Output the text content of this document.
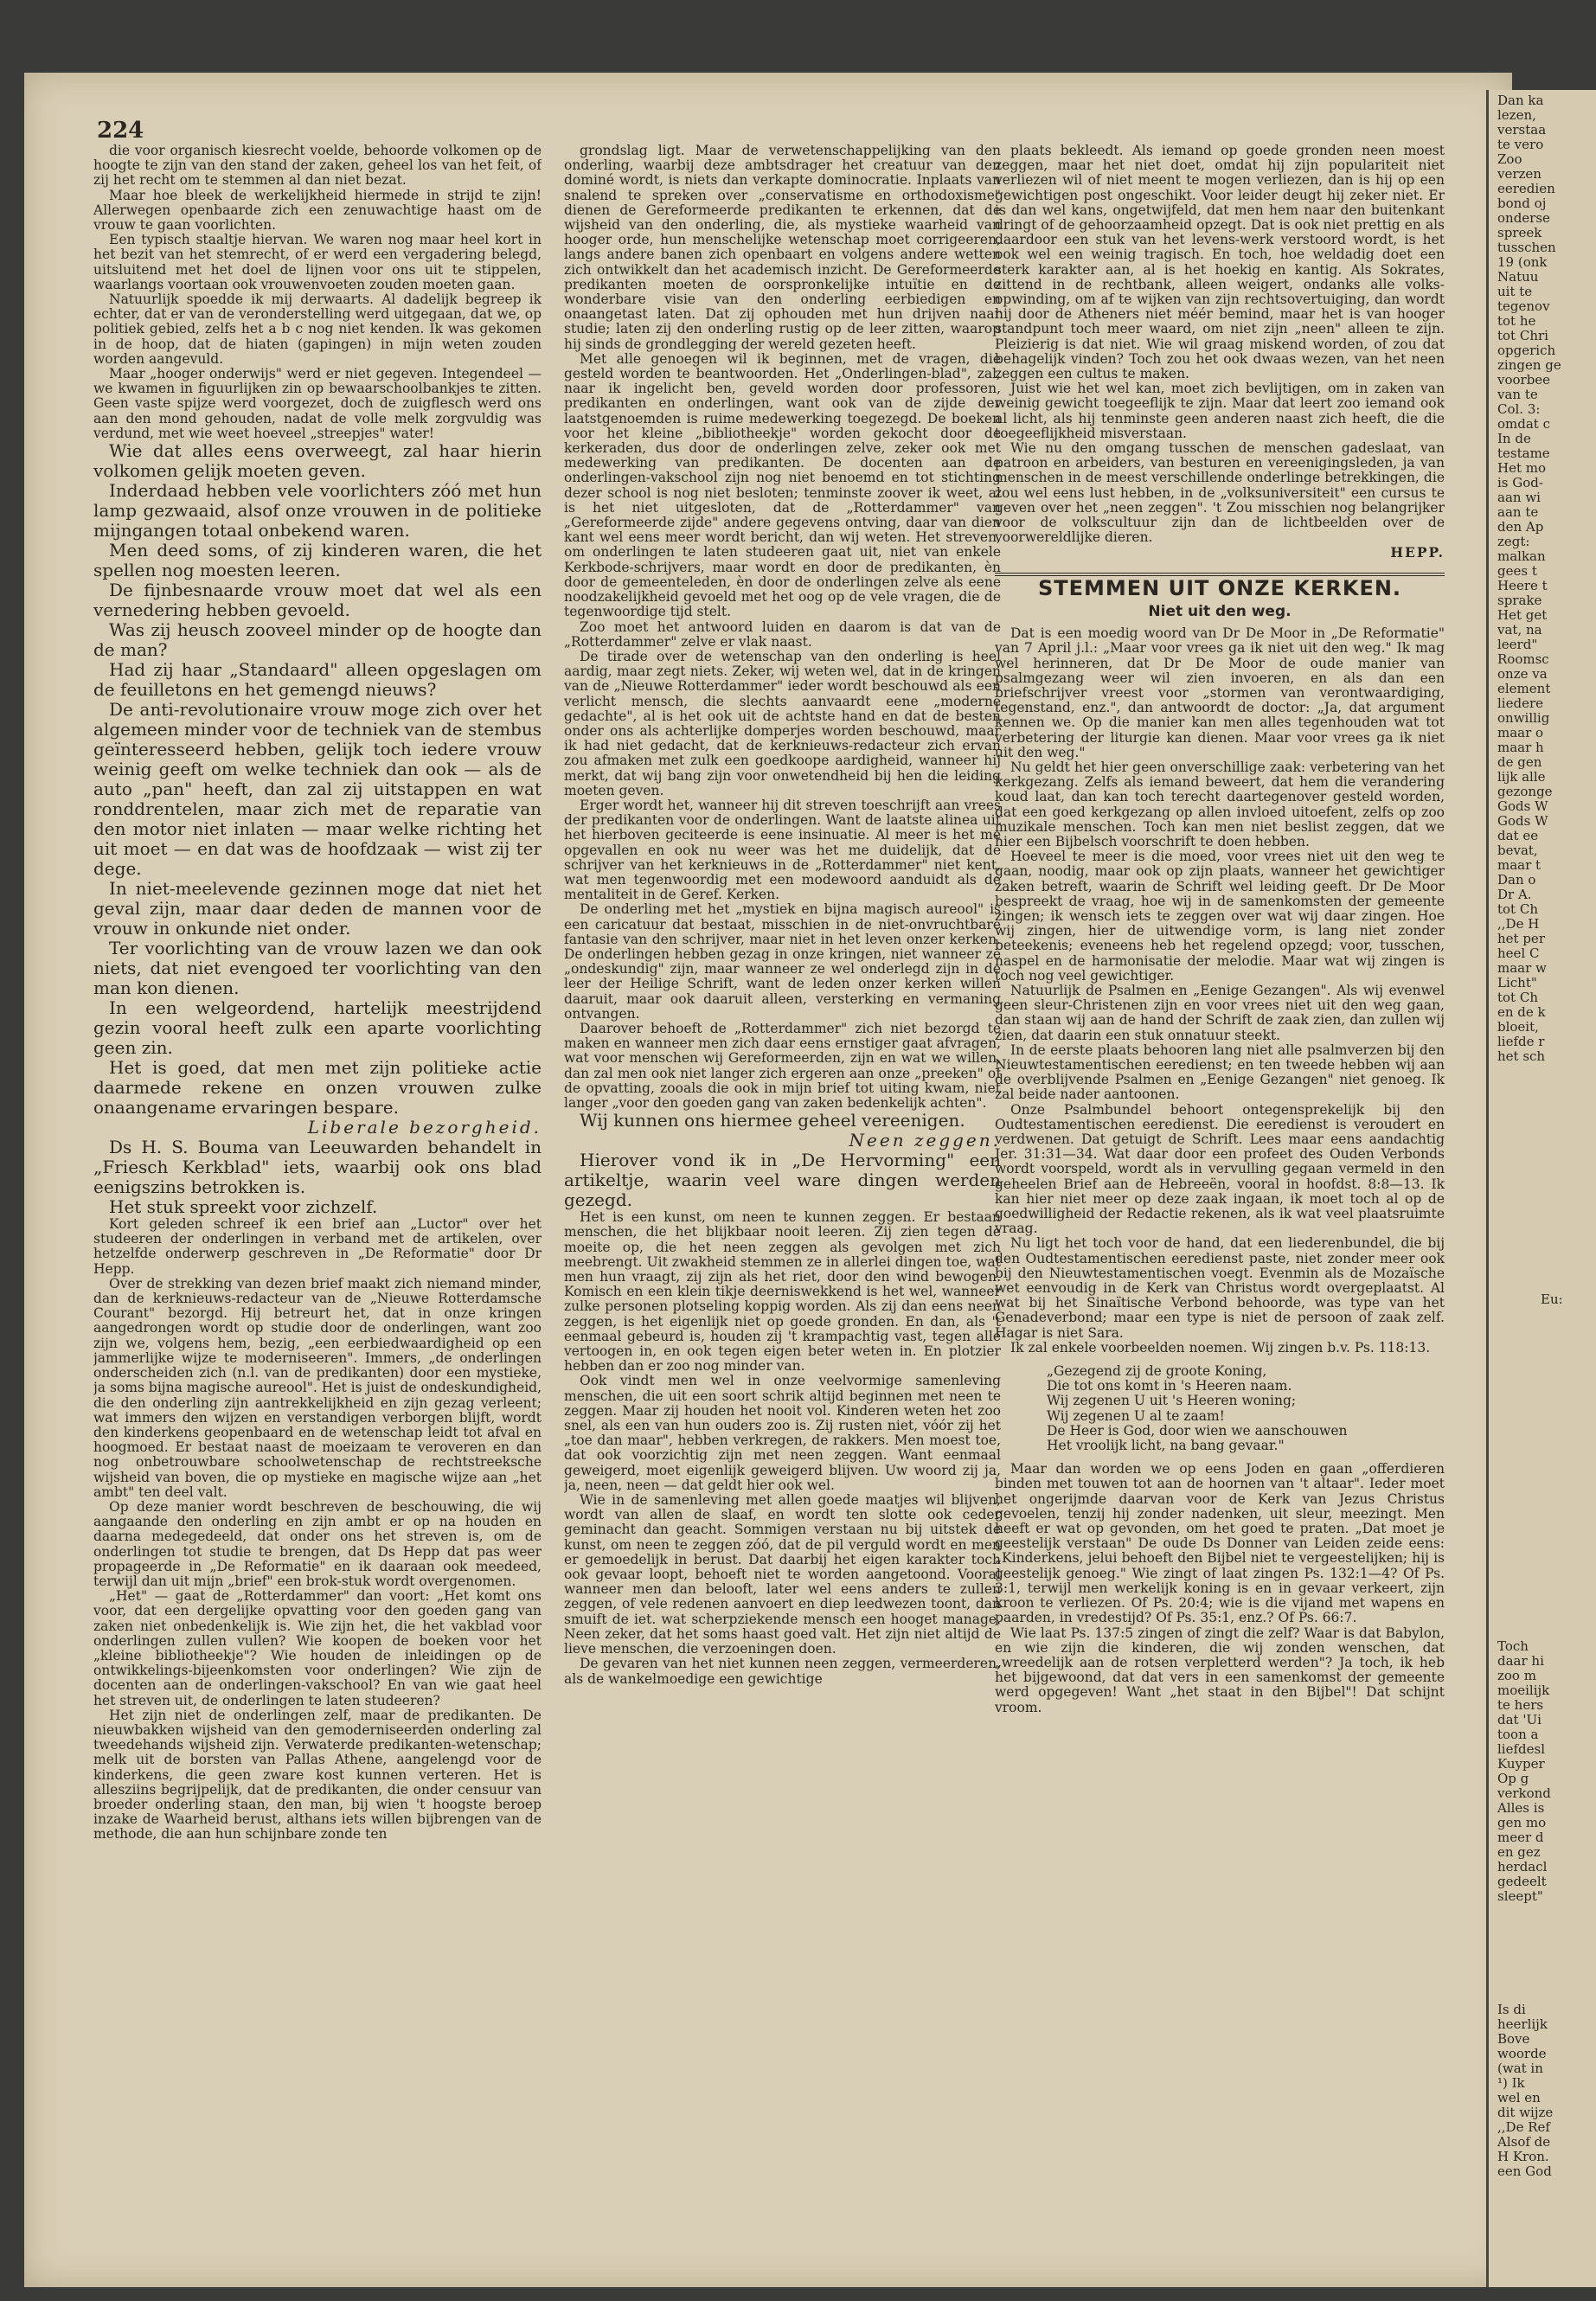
224

die voor organisch kiesrecht voelde, behoorde volkomen op de hoogte te zijn van den stand der zaken, geheel los van het feit, of zij het recht om te stemmen al dan niet bezat.

Maar hoe bleek de werkelijkheid hiermede in strijd te zijn! Allerwegen openbaarde zich een zenuwachtige haast om de vrouw te gaan voorlichten.

Een typisch staaltje hiervan. We waren nog maar heel kort in het bezit van het stemrecht, of er werd een vergadering belegd, uitsluitend met het doel de lijnen voor ons uit te stippelen, waarlangs voortaan ook vrouwenvoeten zouden moeten gaan.

Natuurlijk spoedde ik mij derwaarts. Al dadelijk begreep ik echter, dat er van de veronderstelling werd uitgegaan, dat we, op politiek gebied, zelfs het a b c nog niet kenden. Ik was gekomen in de hoop, dat de hiaten (gapingen) in mijn weten zouden worden aangevuld.

Maar „hooger onderwijs" werd er niet gegeven. Integendeel — we kwamen in figuurlijken zin op bewaarschoolbankjes te zitten. Geen vaste spijze werd voorgezet, doch de zuigflesch werd ons aan den mond gehouden, nadat de volle melk zorgvuldig was verdund, met wie weet hoeveel „streepjes" water!

Wie dat alles eens overweegt, zal haar hierin volkomen gelijk moeten geven.

Inderdaad hebben vele voorlichters zóó met hun lamp gezwaaid, alsof onze vrouwen in de politieke mijngangen totaal onbekend waren.

Men deed soms, of zij kinderen waren, die het spellen nog moesten leeren.

De fijnbesnaarde vrouw moet dat wel als een vernedering hebben gevoeld.

Was zij heusch zooveel minder op de hoogte dan de man?

Had zij haar „Standaard" alleen opgeslagen om de feuilletons en het gemengd nieuws?

De anti-revolutionaire vrouw moge zich over het algemeen minder voor de techniek van de stembus geïnteresseerd hebben, gelijk toch iedere vrouw weinig geeft om welke techniek dan ook — als de auto „pan" heeft, dan zal zij uitstappen en wat ronddrentelen, maar zich met de reparatie van den motor niet inlaten — maar welke richting het uit moet — en dat was de hoofdzaak — wist zij ter dege.

In niet-meelevende gezinnen moge dat niet het geval zijn, maar daar deden de mannen voor de vrouw in onkunde niet onder.

Ter voorlichting van de vrouw lazen we dan ook niets, dat niet evengoed ter voorlichting van den man kon dienen.

In een welgeordend, hartelijk meestrijdend gezin vooral heeft zulk een aparte voorlichting geen zin.

Het is goed, dat men met zijn politieke actie daarmede rekene en onzen vrouwen zulke onaangename ervaringen bespare.

Liberale bezorgheid.

Ds H. S. Bouma van Leeuwarden behandelt in „Friesch Kerkblad" iets, waarbij ook ons blad eenigszins betrokken is.

Het stuk spreekt voor zichzelf.

Kort geleden schreef ik een brief aan „Luctor" over het studeeren der onderlingen in verband met de artikelen, over hetzelfde onderwerp geschreven in „De Reformatie" door Dr Hepp.

Over de strekking van dezen brief maakt zich niemand minder, dan de kerknieuws-redacteur van de „Nieuwe Rotterdamsche Courant" bezorgd. Hij betreurt het, dat in onze kringen aangedrongen wordt op studie door de onderlingen, want zoo zijn we, volgens hem, bezig, „een eerbiedwaardigheid op een jammerlijke wijze te moderniseeren". Immers, „de onderlingen onderscheiden zich (n.l. van de predikanten) door een mystieke, ja soms bijna magische aureool". Het is juist de ondeskundigheid, die den onderling zijn aantrekkelijkheid en zijn gezag verleent; wat immers den wijzen en verstandigen verborgen blijft, wordt den kinderkens geopenbaard en de wetenschap leidt tot afval en hoogmoed. Er bestaat naast de moeizaam te veroveren en dan nog onbetrouwbare schoolwetenschap de rechtstreeksche wijsheid van boven, die op mystieke en magische wijze aan „het ambt" ten deel valt.

Op deze manier wordt beschreven de beschouwing, die wij aangaande den onderling en zijn ambt er op na houden en daarna medegedeeld, dat onder ons het streven is, om de onderlingen tot studie te brengen, dat Ds Hepp dat pas weer propageerde in „De Reformatie" en ik daaraan ook meedeed, terwijl dan uit mijn „brief" een brok-stuk wordt overgenomen.

„Het" — gaat de „Rotterdammer" dan voort: „Het komt ons voor, dat een dergelijke opvatting voor den goeden gang van zaken niet onbedenkelijk is. Wie zijn het, die het vakblad voor onderlingen zullen vullen? Wie koopen de boeken voor het „kleine bibliotheekje"? Wie houden de inleidingen op de ontwikkelings-bijeenkomsten voor onderlingen? Wie zijn de docenten aan de onderlingen-vakschool? En van wie gaat heel het streven uit, de onderlingen te laten studeeren?

Het zijn niet de onderlingen zelf, maar de predikanten. De nieuwbakken wijsheid van den gemoderniseerden onderling zal tweedehands wijsheid zijn. Verwaterde predikanten-wetenschap; melk uit de borsten van Pallas Athene, aangelengd voor de kinderkens, die geen zware kost kunnen verteren. Het is allesziins begrijpelijk, dat de predikanten, die onder censuur van broeder onderling staan, den man, bij wien 't hoogste beroep inzake de Waarheid berust, althans iets willen bijbrengen van de methode, die aan hun schijnbare zonde ten

grondslag ligt. Maar de verwetenschappelijking van den onderling, waarbij deze ambtsdrager het creatuur van den dominé wordt, is niets dan verkapte dominocratie. Inplaats van snalend te spreken over „conservatisme en orthodoxisme" dienen de Gereformeerde predikanten te erkennen, dat de wijsheid van den onderling, die, als mystieke waarheid van hooger orde, hun menschelijke wetenschap moet corrigeeren, langs andere banen zich openbaart en volgens andere wetten zich ontwikkelt dan het academisch inzicht. De Gereformeerde predikanten moeten de oorspronkelijke intuïtie en de wonderbare visie van den onderling eerbiedigen en onaangetast laten. Dat zij ophouden met hun drijven naar studie; laten zij den onderling rustig op de leer zitten, waarop hij sinds de grondlegging der wereld gezeten heeft.

Met alle genoegen wil ik beginnen, met de vragen, die gesteld worden te beantwoorden. Het „Onderlingen-blad", zal, naar ik ingelicht ben, geveld worden door professoren, predikanten en onderlingen, want ook van de zijde der laatstgenoemden is ruime medewerking toegezegd. De boeken voor het kleine „bibliotheekje" worden gekocht door de kerkeraden, dus door de onderlingen zelve, zeker ook met medewerking van predikanten. De docenten aan de onderlingen-vakschool zijn nog niet benoemd en tot stichting dezer school is nog niet besloten; tenminste zoover ik weet, al is het niet uitgesloten, dat de „Rotterdammer" van „Gereformeerde zijde" andere gegevens ontving, daar van dien kant wel eens meer wordt bericht, dan wij weten. Het streven, om onderlingen te laten studeeren gaat uit, niet van enkele Kerkbode-schrijvers, maar wordt en door de predikanten, èn door de gemeenteleden, èn door de onderlingen zelve als eene noodzakelijkheid gevoeld met het oog op de vele vragen, die de tegenwoordige tijd stelt.

Zoo moet het antwoord luiden en daarom is dat van de „Rotterdammer" zelve er vlak naast.

De tirade over de wetenschap van den onderling is heel aardig, maar zegt niets. Zeker, wij weten wel, dat in de kringen van de „Nieuwe Rotterdammer" ieder wordt beschouwd als een verlicht mensch, die slechts aanvaardt eene „moderne gedachte", al is het ook uit de achtste hand en dat de besten onder ons als achterlijke domperjes worden beschouwd, maar ik had niet gedacht, dat de kerknieuws-redacteur zich ervan zou afmaken met zulk een goedkoope aardigheid, wanneer hij merkt, dat wij bang zijn voor onwetendheid bij hen die leiding moeten geven.

Erger wordt het, wanneer hij dit streven toeschrijft aan vrees der predikanten voor de onderlingen. Want de laatste alinea uit het hierboven geciteerde is eene insinuatie. Al meer is het me opgevallen en ook nu weer was het me duidelijk, dat de schrijver van het kerknieuws in de „Rotterdammer" niet kent, wat men tegenwoordig met een modewoord aanduidt als de mentaliteit in de Geref. Kerken.

De onderling met het „mystiek en bijna magisch aureool" is een caricatuur dat bestaat, misschien in de niet-onvruchtbare fantasie van den schrijver, maar niet in het leven onzer kerken. De onderlingen hebben gezag in onze kringen, niet wanneer ze „ondeskundig" zijn, maar wanneer ze wel onderlegd zijn in de leer der Heilige Schrift, want de leden onzer kerken willen daaruit, maar ook daaruit alleen, versterking en vermaning ontvangen.

Daarover behoeft de „Rotterdammer" zich niet bezorgd te maken en wanneer men zich daar eens ernstiger gaat afvragen, wat voor menschen wij Gereformeerden, zijn en wat we willen, dan zal men ook niet langer zich ergeren aan onze „preeken" of de opvatting, zooals die ook in mijn brief tot uiting kwam, niet langer „voor den goeden gang van zaken bedenkelijk achten".

Wij kunnen ons hiermee geheel vereenigen.

Neen zeggen.

Hierover vond ik in „De Hervorming" een artikeltje, waarin veel ware dingen werden gezegd.

Het is een kunst, om neen te kunnen zeggen. Er bestaan menschen, die het blijkbaar nooit leeren. Zij zien tegen de moeite op, die het neen zeggen als gevolgen met zich meebrengt. Uit zwakheid stemmen ze in allerlei dingen toe, wat men hun vraagt, zij zijn als het riet, door den wind bewogen. Komisch en een klein tikje deerniswekkend is het wel, wanneer zulke personen plotseling koppig worden. Als zij dan eens neen zeggen, is het eigenlijk niet op goede gronden. En dan, als 't eenmaal gebeurd is, houden zij 't krampachtig vast, tegen alle vertoogen in, en ook tegen eigen beter weten in. En plotzier hebben dan er zoo nog minder van.

Ook vindt men wel in onze veelvormige samenleving menschen, die uit een soort schrik altijd beginnen met neen te zeggen. Maar zij houden het nooit vol. Kinderen weten het zoo snel, als een van hun ouders zoo is. Zij rusten niet, vóór zij het „toe dan maar", hebben verkregen, de rakkers. Men moest toe, dat ook voorzichtig zijn met neen zeggen. Want eenmaal geweigerd, moet eigenlijk geweigerd blijven. Uw woord zij ja, ja, neen, neen — dat geldt hier ook wel.

Wie in de samenleving met allen goede maatjes wil blijven, wordt van allen de slaaf, en wordt ten slotte ook ceder geminacht dan geacht. Sommigen verstaan nu bij uitstek de kunst, om neen te zeggen zóó, dat de pil verguld wordt en men er gemoedelijk in berust. Dat daarbij het eigen karakter toch ook gevaar loopt, behoeft niet te worden aangetoond. Vooral wanneer men dan belooft, later wel eens anders te zullen zeggen, of vele redenen aanvoert en diep leedwezen toont, dan smuift de iet. wat scherpziekende mensch een hooget manage. Neen zeker, dat het soms haast goed valt. Het zijn niet altijd de lieve menschen, die verzoeningen doen.

De gevaren van het niet kunnen neen zeggen, vermeerderen, als de wankelmoedige een gewichtige

plaats bekleedt. Als iemand op goede gronden neen moest zeggen, maar het niet doet, omdat hij zijn populariteit niet verliezen wil of niet meent te mogen verliezen, dan is hij op een gewichtigen post ongeschikt. Voor leider deugt hij zeker niet. Er is dan wel kans, ongetwijfeld, dat men hem naar den buitenkant dringt of de gehoorzaamheid opzegt. Dat is ook niet prettig en als daardoor een stuk van het levens-werk verstoord wordt, is het ook wel een weinig tragisch. En toch, hoe weldadig doet een sterk karakter aan, al is het hoekig en kantig. Als Sokrates, zittend in de rechtbank, alleen weigert, ondanks alle volks-opwinding, om af te wijken van zijn rechtsovertuiging, dan wordt hij door de Atheners niet méér bemind, maar het is van hooger standpunt toch meer waard, om niet zijn „neen" alleen te zijn. Pleizierig is dat niet. Wie wil graag miskend worden, of zou dat behagelijk vinden? Toch zou het ook dwaas wezen, van het neen zeggen een cultus te maken.

Juist wie het wel kan, moet zich bevlijtigen, om in zaken van weinig gewicht toegeeflijk te zijn. Maar dat leert zoo iemand ook al licht, als hij tenminste geen anderen naast zich heeft, die die toegeeflijkheid misverstaan.

Wie nu den omgang tusschen de menschen gadeslaat, van patroon en arbeiders, van besturen en vereenigingsleden, ja van menschen in de meest verschillende onderlinge betrekkingen, die zou wel eens lust hebben, in de „volksuniversiteit" een cursus te geven over het „neen zeggen". 't Zou misschien nog belangrijker voor de volkscultuur zijn dan de lichtbeelden over de voorwereldlijke dieren.

HEPP.

STEMMEN UIT ONZE KERKEN.
Niet uit den weg.

Dat is een moedig woord van Dr De Moor in „De Reformatie" van 7 April j.l.: „Maar voor vrees ga ik niet uit den weg." Ik mag wel herinneren, dat Dr De Moor de oude manier van psalmgezang weer wil zien invoeren, en als dan een briefschrijver vreest voor „stormen van verontwaardiging, tegenstand, enz.", dan antwoordt de doctor: „Ja, dat argument kennen we. Op die manier kan men alles tegenhouden wat tot verbetering der liturgie kan dienen. Maar voor vrees ga ik niet uit den weg."

Nu geldt het hier geen onverschillige zaak: verbetering van het kerkgezang. Zelfs als iemand beweert, dat hem die verandering koud laat, dan kan toch terecht daartegenover gesteld worden, dat een goed kerkgezang op allen invloed uitoefent, zelfs op zoo muzikale menschen. Toch kan men niet beslist zeggen, dat we hier een Bijbelsch voorschrift te doen hebben.

Hoeveel te meer is die moed, voor vrees niet uit den weg te gaan, noodig, maar ook op zijn plaats, wanneer het gewichtiger zaken betreft, waarin de Schrift wel leiding geeft. Dr De Moor bespreekt de vraag, hoe wij in de samenkomsten der gemeente zingen; ik wensch iets te zeggen over wat wij daar zingen. Hoe wij zingen, hier de uitwendige vorm, is lang niet zonder beteekenis; eveneens heb het regelend opzegd; voor, tusschen, naspel en de harmonisatie der melodie. Maar wat wij zingen is toch nog veel gewichtiger.

Natuurlijk de Psalmen en „Eenige Gezangen". Als wij evenwel geen sleur-Christenen zijn en voor vrees niet uit den weg gaan, dan staan wij aan de hand der Schrift de zaak zien, dan zullen wij zien, dat daarin een stuk onnatuur steekt.

In de eerste plaats behooren lang niet alle psalmverzen bij den Nieuwtestamentischen eeredienst; en ten tweede hebben wij aan de overblijvende Psalmen en „Eenige Gezangen" niet genoeg. Ik zal beide nader aantoonen.

Onze Psalmbundel behoort ontegensprekelijk bij den Oudtestamentischen eeredienst. Die eeredienst is veroudert en verdwenen. Dat getuigt de Schrift. Lees maar eens aandachtig Jer. 31:31—34. Wat daar door een profeet des Ouden Verbonds wordt voorspeld, wordt als in vervulling gegaan vermeld in den geheelen Brief aan de Hebreeën, vooral in hoofdst. 8:8—13. Ik kan hier niet meer op deze zaak ingaan, ik moet toch al op de goedwilligheid der Redactie rekenen, als ik wat veel plaatsruimte vraag.

Nu ligt het toch voor de hand, dat een liederenbundel, die bij den Oudtestamentischen eeredienst paste, niet zonder meer ook bij den Nieuwtestamentischen voegt. Evenmin als de Mozaïsche wet eenvoudig in de Kerk van Christus wordt overgeplaatst. Al wat bij het Sinaïtische Verbond behoorde, was type van het Genadeverbond; maar een type is niet de persoon of zaak zelf. Hagar is niet Sara.

Ik zal enkele voorbeelden noemen. Wij zingen b.v. Ps. 118:13.

„Gezegend zij de groote Koning,
Die tot ons komt in 's Heeren naam.
Wij zegenen U uit 's Heeren woning;
Wij zegenen U al te zaam!
De Heer is God, door wien we aanschouwen
Het vroolijk licht, na bang gevaar."

Maar dan worden we op eens Joden en gaan „offerdieren binden met touwen tot aan de hoornen van 't altaar". Ieder moet het ongerijmde daarvan voor de Kerk van Jezus Christus gevoelen, tenzij hij zonder nadenken, uit sleur, meezingt. Men heeft er wat op gevonden, om het goed te praten. „Dat moet je geestelijk verstaan" De oude Ds Donner van Leiden zeide eens: „Kinderkens, jelui behoeft den Bijbel niet te vergeestelijken; hij is geestelijk genoeg." Wie zingt of laat zingen Ps. 132:1—4? Of Ps. 3:1, terwijl men werkelijk koning is en in gevaar verkeert, zijn kroon te verliezen. Of Ps. 20:4; wie is die vijand met wapens en paarden, in vredestijd? Of Ps. 35:1, enz.? Of Ps. 66:7.

Wie laat Ps. 137:5 zingen of zingt die zelf? Waar is dat Babylon, en wie zijn die kinderen, die wij zonden wenschen, dat „wreedelijk aan de rotsen verpletterd werden"? Ja toch, ik heb het bijgewoond, dat dat vers in een samenkomst der gemeente werd opgegeven! Want „het staat in den Bijbel"! Dat schijnt vroom.

Dan ka
lezen,
verstaa
te vero
Zoo
verzen
eeredien
bond oj
onderse
spreek
tusschen
19 (onk
Natuu
uit te
tegenov
tot he
tot Chri
opgerich
zingen ge
voorbee
van te
Col. 3:
omdat c
In de
testame
Het mo
is God-
aan wi
aan te
den Ap
zegt:
malkan
gees t
Heere t
sprake
Het get
vat, na
leerd"
Roomsc
onze va
element
liedere
onwillig
maar o
maar h
de gen
lijk alle
gezonge
Gods W
Gods W
dat ee
bevat,
maar t
Dan o
Dr A.
tot Ch
,,De H
het per
heel C
maar w
Licht"
tot Ch
en de k
bloeit,
liefde r
het sch
Eu:
Toch
daar hi
zoo m
moeilijk
te hers
dat 'Ui
toon a
liefdesl
Kuyper
Op g
verkond
Alles is
gen mo
meer d
en gez
herdacl
gedeelt
sleept"
Is di
heerlijk
Bove
woorde
(wat in
¹) Ik
wel en
dit wijze
,,De Ref
Alsof de
H Kron.
een God
